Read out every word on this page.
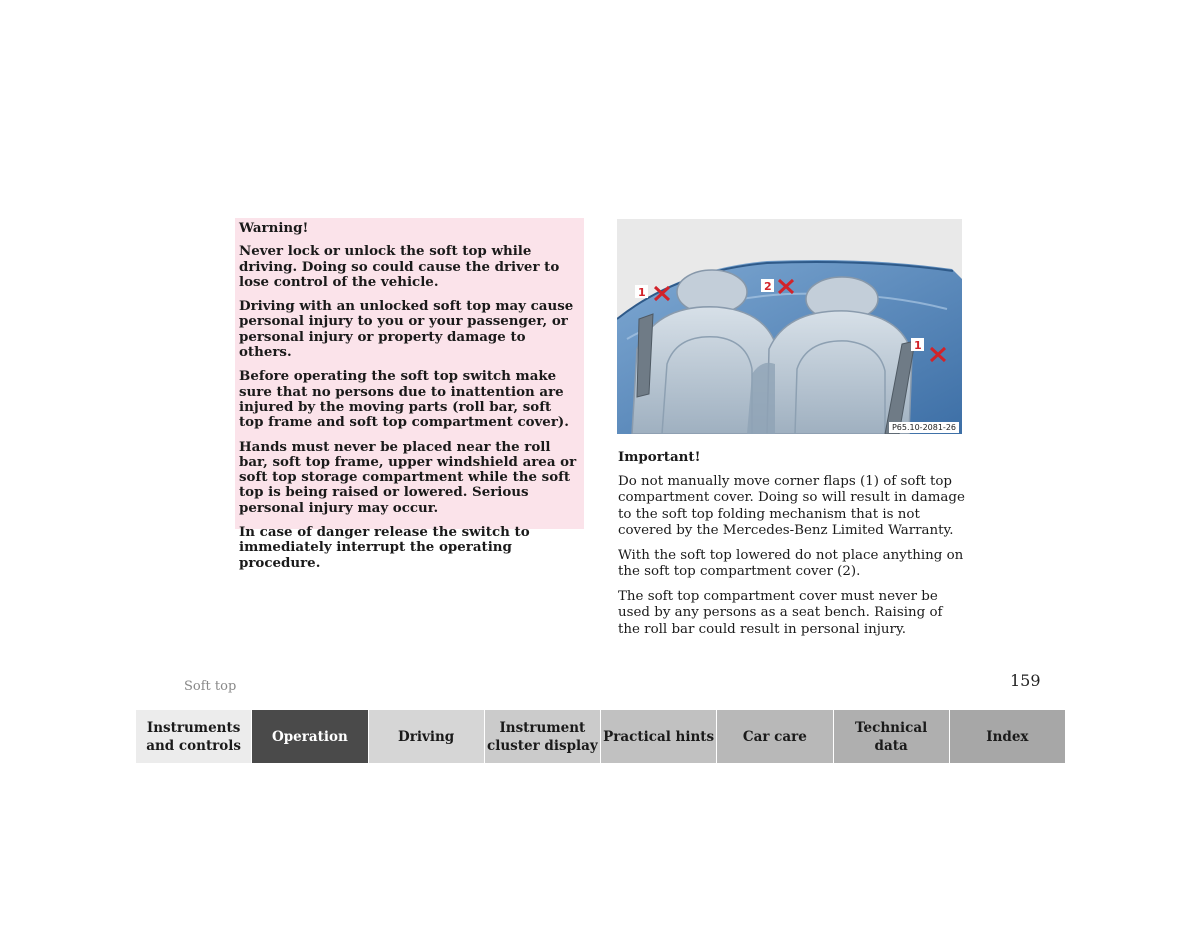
Warning!

Never lock or unlock the soft top while driving. Doing so could cause the driver to lose control of the vehicle.

Driving with an unlocked soft top may cause personal injury to you or your passenger, or personal injury or property damage to others.

Before operating the soft top switch make sure that no persons due to inattention are injured by the moving parts (roll bar, soft top frame and soft top compartment cover).

Hands must never be placed near the roll bar, soft top frame, upper windshield area or soft top storage compartment while the soft top is being raised or lowered. Serious personal injury may occur.

In case of danger release the switch to immediately interrupt the operating procedure.

1	2
1
P65.10-2081-26

Important!

Do not manually move corner flaps (1) of soft top compartment cover. Doing so will result in damage to the soft top folding mechanism that is not covered by the Mercedes-Benz Limited Warranty.

With the soft top lowered do not place anything on the soft top compartment cover (2).

The soft top compartment cover must never be used by any persons as a seat bench. Raising of the roll bar could result in personal injury.

Soft top	159
Instruments
and controls
Operation	Driving
Instrument
cluster display
Practical hints	Car care
Technical
data
Index
